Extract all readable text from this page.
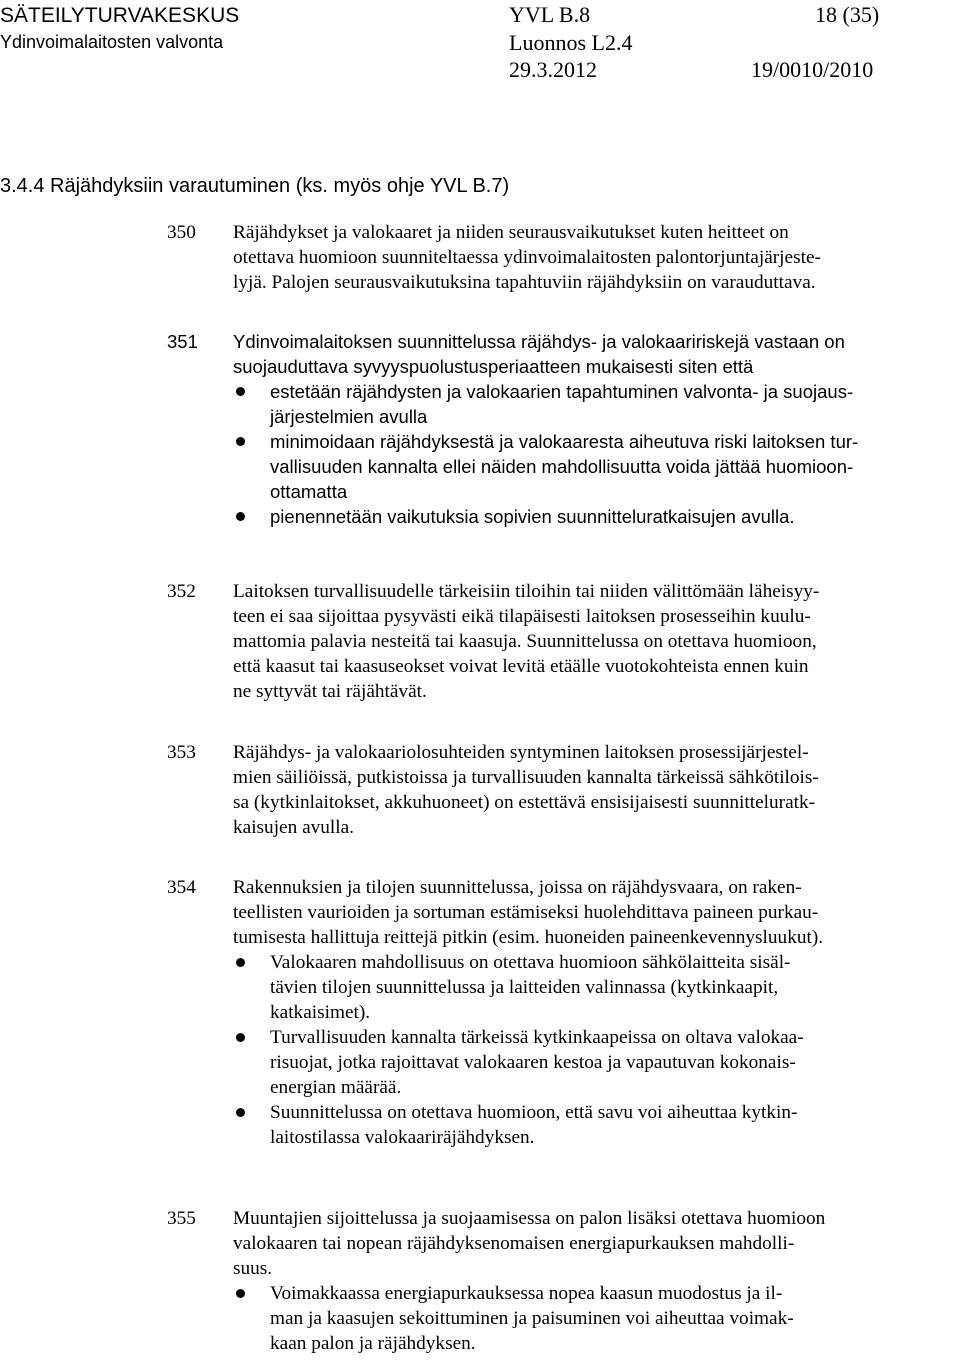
SÄTEILYTURVAKESKUS	YVL B.8	18 (35)
Ydinvoimalaitosten valvonta	Luonnos L2.4
29.3.2012	19/0010/2010
3.4.4 Räjähdyksiin varautuminen (ks. myös ohje YVL B.7)
350 Räjähdykset ja valokaaret ja niiden seurausvaikutukset kuten heitteet on
otettava huomioon suunniteltaessa ydinvoimalaitosten palontorjuntajärjeste-
lyjä. Palojen seurausvaikutuksina tapahtuviin räjähdyksiin on varauduttava.
351 Ydinvoimalaitoksen suunnittelussa räjähdys- ja valokaaririskejä vastaan on
suojauduttava syvyyspuolustusperiaatteen mukaisesti siten että
estetään räjähdysten ja valokaarien tapahtuminen valvonta- ja suojaus-
järjestelmien avulla
minimoidaan räjähdyksestä ja valokaaresta aiheutuva riski laitoksen tur-
vallisuuden kannalta ellei näiden mahdollisuutta voida jättää huomioon-
ottamatta
pienennetään vaikutuksia sopivien suunnitteluratkaisujen avulla.
352 Laitoksen turvallisuudelle tärkeisiin tiloihin tai niiden välittömään läheisyy-
teen ei saa sijoittaa pysyvästi eikä tilapäisesti laitoksen prosesseihin kuulu-
mattomia palavia nesteitä tai kaasuja. Suunnittelussa on otettava huomioon,
että kaasut tai kaasuseokset voivat levitä etäälle vuotokohteista ennen kuin
ne syttyvät tai räjähtävät.
353 Räjähdys- ja valokaariolosuhteiden syntyminen laitoksen prosessijärjestel-
mien säiliöissä, putkistoissa ja turvallisuuden kannalta tärkeissä sähkötilois-
sa (kytkinlaitokset, akkuhuoneet) on estettävä ensisijaisesti suunnitteluratk-
kaisujen avulla.
354 Rakennuksien ja tilojen suunnittelussa, joissa on räjähdysvaara, on raken-
teellisten vaurioiden ja sortuman estämiseksi huolehdittava paineen purkau-
tumisesta hallittuja reittejä pitkin (esim. huoneiden paineenkevennysluukut).
Valokaaren mahdollisuus on otettava huomioon sähkölaitteita sisäl-
tävien tilojen suunnittelussa ja laitteiden valinnassa (kytkinkaapit,
katkaisimet).
Turvallisuuden kannalta tärkeissä kytkinkaapeissa on oltava valokaa-
risuojat, jotka rajoittavat valokaaren kestoa ja vapautuvan kokonais-
energian määrää.
Suunnittelussa on otettava huomioon, että savu voi aiheuttaa kytkin-
laitostilassa valokaariräjähdyksen.
355 Muuntajien sijoittelussa ja suojaamisessa on palon lisäksi otettava huomioon
valokaaren tai nopean räjähdyksenomaisen energiapurkauksen mahdolli-
suus.
Voimakkaassa energiapurkauksessa nopea kaasun muodostus ja il-
man ja kaasujen sekoittuminen ja paisuminen voi aiheuttaa voimak-
kaan palon ja räjähdyksen.
